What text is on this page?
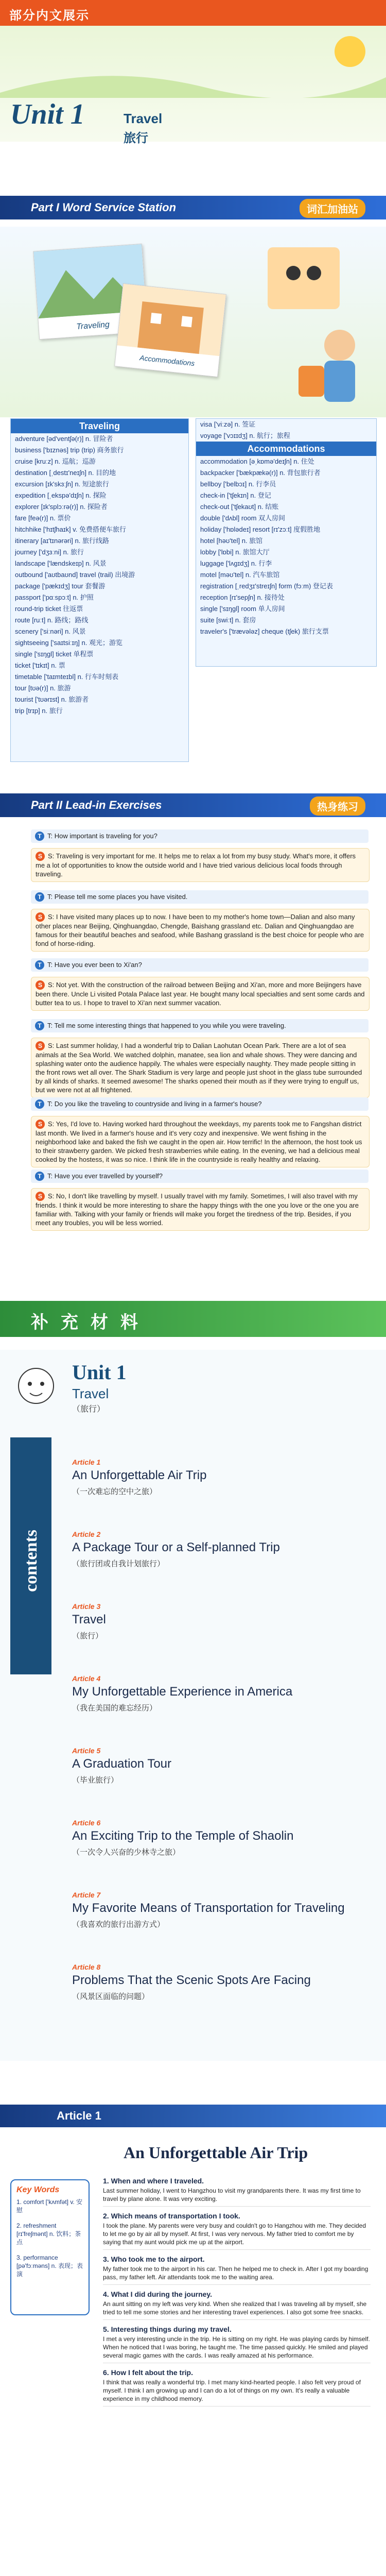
部分内文展示
Unit 1	Travel
旅行
Part I Word Service Station	词汇加油站
Traveling
Accommodations
Traveling
adventure [əd'ventʃə(r)] n. 冒险者
business ['bɪznəs] trip (trip) 商务旅行
cruise [kruːz] n. 巡航；巡游
destination [ˌdestɪ'neɪʃn] n. 目的地
excursion [ɪk'skɜːʃn] n. 短途旅行
expedition [ˌekspə'dɪʃn] n. 探险
explorer [ɪk'splɔːrə(r)] n. 探险者
fare [feə(r)] n. 票价
hitchhike ['hɪtʃhaɪk] v. 免费搭便车旅行
itinerary [aɪ'tɪnərəri] n. 旅行线路
journey ['dʒɜːni] n. 旅行
landscape ['lændskeɪp] n. 风景
outbound ['aʊtbaʊnd] travel (trail) 出境游
package ['pækɪdʒ] tour 套餐游
passport ['pɑːspɔːt] n. 护照
round-trip ticket 往返票
route [ruːt] n. 路线；路线
scenery ['siːnəri] n. 风景
sightseeing ['saɪtsiːɪŋ] n. 观光；游览
single ['sɪŋɡl] ticket 单程票
ticket ['tɪkɪt] n. 票
timetable ['taɪmteɪbl] n. 行车时刻表
tour [tʊə(r)] n. 旅游
tourist ['tʊərɪst] n. 旅游者
trip [trɪp] n. 旅行
visa ['viːzə] n. 签证
voyage ['vɔɪɪdʒ] n. 航行；旅程
Accommodations
accommodation [əˌkɒmə'deɪʃn] n. 住处
backpacker ['bækpækə(r)] n. 背包旅行者
bellboy ['belbɔɪ] n. 行李员
check-in ['tʃekɪn] n. 登记
check-out ['tʃekaʊt] n. 结账
double ['dʌbl] room 双人房间
holiday ['hɒlədeɪ] resort [rɪ'zɔːt] 度假胜地
hotel [həʊ'tel] n. 旅馆
lobby ['lɒbi] n. 旅馆大厅
luggage ['lʌɡɪdʒ] n. 行李
motel [məʊ'tel] n. 汽车旅馆
registration [ˌredʒɪ'streɪʃn] form (fɔːm) 登记表
reception [rɪ'sepʃn] n. 接待处
single ['sɪŋɡl] room 单人房间
suite [swiːt] n. 套房
traveler's ['trævələz] cheque (tʃek) 旅行支票
Part II Lead-in Exercises	热身练习
T T: How important is traveling for you?
S S: Traveling is very important for me. It helps me to relax a lot from my busy study. What's more, it offers me a lot of opportunities to know the outside world and I have tried various delicious local foods through traveling.
T T: Please tell me some places you have visited.
S S: I have visited many places up to now. I have been to my mother's home town—Dalian and also many other places near Beijing, Qinghuangdao, Chengde, Baishang grassland etc. Dalian and Qinghuangdao are famous for their beautiful beaches and seafood, while Bashang grassland is the best choice for people who are fond of horse-riding.
T T: Have you ever been to Xi'an?
S S: Not yet. With the construction of the railroad between Beijing and Xi'an, more and more Beijingers have been there. Uncle Li visited Potala Palace last year. He bought many local specialties and sent some cards and butter tea to us. I hope to travel to Xi'an next summer vacation.
T T: Tell me some interesting things that happened to you while you were traveling.
S S: Last summer holiday, I had a wonderful trip to Dalian Laohutan Ocean Park. There are a lot of sea animals at the Sea World. We watched dolphin, manatee, sea lion and whale shows. They were dancing and splashing water onto the audience happily. The whales were especially naughty. They made people sitting in the front rows wet all over. The Shark Stadium is very large and people just shoot in the glass tube surrounded by all kinds of sharks. It seemed awesome! The sharks opened their mouth as if they were trying to engulf us, but we were not at all frightened.
T T: Do you like the traveling to countryside and living in a farmer's house?
S S: Yes, I'd love to. Having worked hard throughout the weekdays, my parents took me to Fangshan district last month. We lived in a farmer's house and it's very cozy and inexpensive. We went fishing in the neighborhood lake and baked the fish we caught in the open air. How terrific! In the afternoon, the host took us to their strawberry garden. We picked fresh strawberries while eating. In the evening, we had a delicious meal cooked by the hostess, it was so nice. I think life in the countryside is really healthy and relaxing.
T T: Have you ever travelled by yourself?
S S: No, I don't like travelling by myself. I usually travel with my family. Sometimes, I will also travel with my friends. I think it would be more interesting to share the happy things with the one you love or the one you are familiar with. Talking with your family or friends will make you forget the tiredness of the trip. Besides, if you meet any troubles, you will be less worried.
补充材料
Unit 1
Travel
（旅行）
contents
Article 1
An Unforgettable Air Trip
（一次难忘的空中之旅）
Article 2
A Package Tour or a Self-planned Trip
（旅行团或自我计划旅行）
Article 3
Travel
（旅行）
Article 4
My Unforgettable Experience in America
（我在美国的难忘经历）
Article 5
A Graduation Tour
（毕业旅行）
Article 6
An Exciting Trip to the Temple of Shaolin
（一次令人兴奋的少林寺之旅）
Article 7
My Favorite Means of Transportation for Traveling
（我喜欢的旅行出游方式）
Article 8
Problems That the Scenic Spots Are Facing
（风景区面临的问题）
Article 1
An Unforgettable Air Trip
Key Words
1. comfort ['kʌmfət] v. 安慰
2. refreshment [rɪ'freʃmənt] n. 饮料；茶点
3. performance [pə'fɔːməns] n. 表现；表演
1. When and where I traveled.
Last summer holiday, I went to Hangzhou to visit my grandparents there. It was my first time to travel by plane alone. It was very exciting.
2. Which means of transportation I took.
I took the plane. My parents were very busy and couldn't go to Hangzhou with me. They decided to let me go by air all by myself. At first, I was very nervous. My father tried to comfort me by saying that my aunt would pick me up at the airport.
3. Who took me to the airport.
My father took me to the airport in his car. Then he helped me to check in. After I got my boarding pass, my father left. Air attendants took me to the waiting area.
4. What I did during the journey.
An aunt sitting on my left was very kind. When she realized that I was traveling all by myself, she tried to tell me some stories and her interesting travel experiences. I also got some free snacks.
5. Interesting things during my travel.
I met a very interesting uncle in the trip. He is sitting on my right. He was playing cards by himself. When he noticed that I was boring, he taught me. The time passed quickly. He smiled and played several magic games with the cards. I was really amazed at his performance.
6. How I felt about the trip.
I think that was really a wonderful trip. I met many kind-hearted people. I also felt very proud of myself. I think I am growing up and I can do a lot of things on my own. It's really a valuable experience in my childhood memory.
